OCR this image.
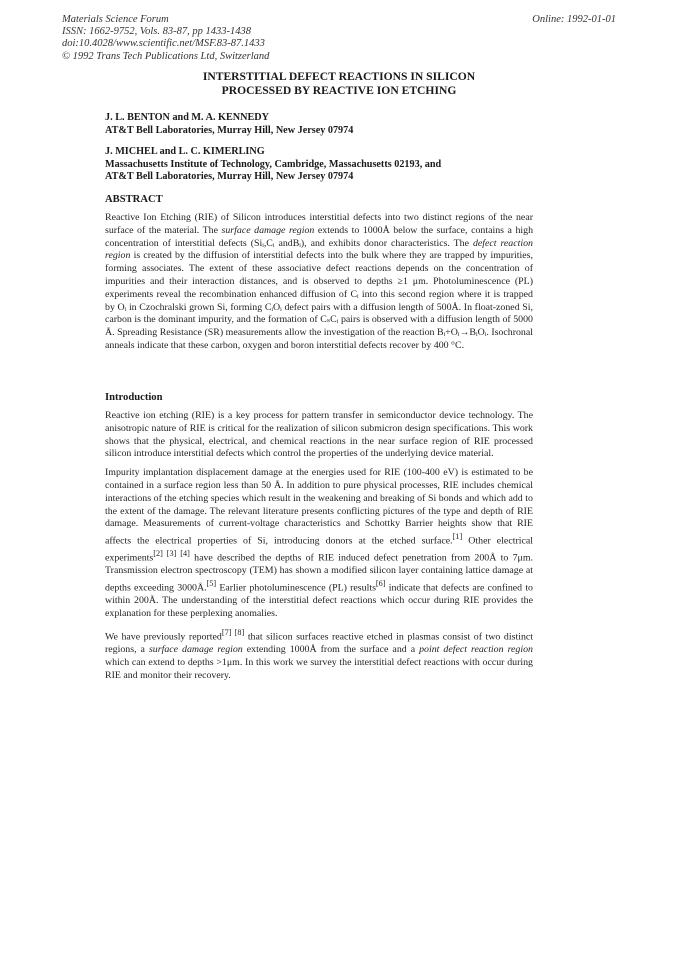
Materials Science Forum
ISSN: 1662-9752, Vols. 83-87, pp 1433-1438
doi:10.4028/www.scientific.net/MSF.83-87.1433
© 1992 Trans Tech Publications Ltd, Switzerland
Online: 1992-01-01
INTERSTITIAL DEFECT REACTIONS IN SILICON
PROCESSED BY REACTIVE ION ETCHING
J. L. BENTON and M. A. KENNEDY
AT&T Bell Laboratories, Murray Hill, New Jersey 07974
J. MICHEL and L. C. KIMERLING
Massachusetts Institute of Technology, Cambridge, Massachusetts 02193, and
AT&T Bell Laboratories, Murray Hill, New Jersey 07974
ABSTRACT

Reactive Ion Etching (RIE) of Silicon introduces interstitial defects into two distinct regions of the near surface of the material. The surface damage region extends to 1000Å below the surface, contains a high concentration of interstitial defects (Siᵢ,Cᵢ andBᵢ), and exhibits donor characteristics. The defect reaction region is created by the diffusion of interstitial defects into the bulk where they are trapped by impurities, forming associates. The extent of these associative defect reactions depends on the concentration of impurities and their interaction distances, and is observed to depths ≥1 μm. Photoluminescence (PL) experiments reveal the recombination enhanced diffusion of Cᵢ into this second region where it is trapped by Oᵢ in Czochralski grown Si, forming CᵢOᵢ defect pairs with a diffusion length of 500Å. In float-zoned Si, carbon is the dominant impurity, and the formation of CₛCᵢ pairs is observed with a diffusion length of 5000 Å. Spreading Resistance (SR) measurements allow the investigation of the reaction Bᵢ+Oᵢ→BᵢOᵢ. Isochronal anneals indicate that these carbon, oxygen and boron interstitial defects recover by 400 °C.

Introduction

Reactive ion etching (RIE) is a key process for pattern transfer in semiconductor device technology. The anisotropic nature of RIE is critical for the realization of silicon submicron design specifications. This work shows that the physical, electrical, and chemical reactions in the near surface region of RIE processed silicon introduce interstitial defects which control the properties of the underlying device material.

Impurity implantation displacement damage at the energies used for RIE (100-400 eV) is estimated to be contained in a surface region less than 50 Å. In addition to pure physical processes, RIE includes chemical interactions of the etching species which result in the weakening and breaking of Si bonds and which add to the extent of the damage. The relevant literature presents conflicting pictures of the type and depth of RIE damage. Measurements of current-voltage characteristics and Schottky Barrier heights show that RIE affects the electrical properties of Si, introducing donors at the etched surface.[1] Other electrical experiments[2] [3] [4] have described the depths of RIE induced defect penetration from 200Å to 7μm. Transmission electron spectroscopy (TEM) has shown a modified silicon layer containing lattice damage at depths exceeding 3000Å.[5] Earlier photoluminescence (PL) results[6] indicate that defects are confined to within 200Å. The understanding of the interstitial defect reactions which occur during RIE provides the explanation for these perplexing anomalies.

We have previously reported[7] [8] that silicon surfaces reactive etched in plasmas consist of two distinct regions, a surface damage region extending 1000Å from the surface and a point defect reaction region which can extend to depths >1μm. In this work we survey the interstitial defect reactions with occur during RIE and monitor their recovery.
